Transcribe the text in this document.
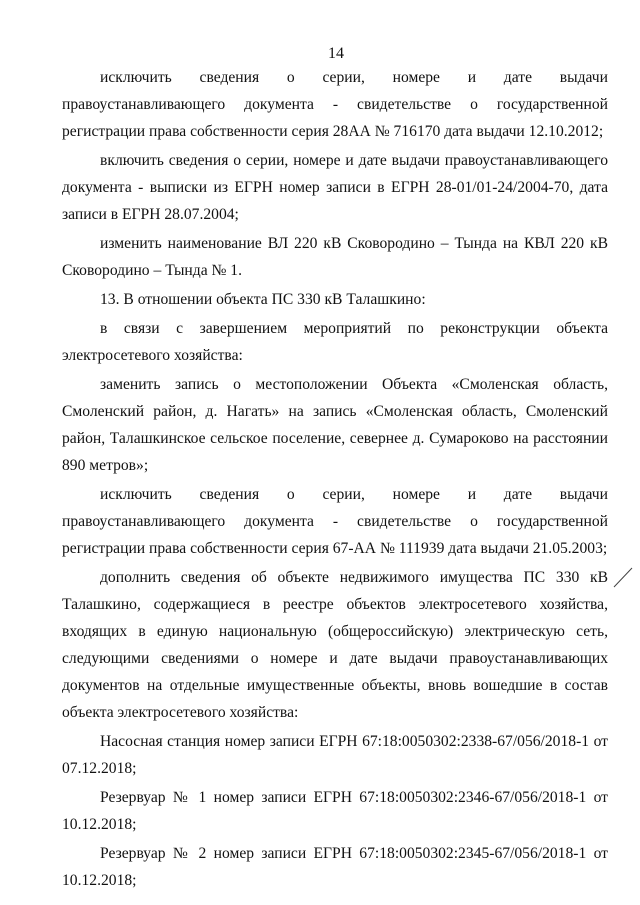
14

исключить сведения о серии, номере и дате выдачи правоустанавливающего документа - свидетельстве о государственной регистрации права собственности серия 28АА № 716170 дата выдачи 12.10.2012;

включить сведения о серии, номере и дате выдачи правоустанавливающего документа - выписки из ЕГРН номер записи в ЕГРН 28-01/01-24/2004-70, дата записи в ЕГРН 28.07.2004;

изменить наименование ВЛ 220 кВ Сковородино – Тында на КВЛ 220 кВ Сковородино – Тында № 1.

13. В отношении объекта ПС 330 кВ Талашкино:

в связи с завершением мероприятий по реконструкции объекта электросетевого хозяйства:

заменить запись о местоположении Объекта «Смоленская область, Смоленский район, д. Нагать» на запись «Смоленская область, Смоленский район, Талашкинское сельское поселение, севернее д. Сумароково на расстоянии 890 метров»;

исключить сведения о серии, номере и дате выдачи правоустанавливающего документа - свидетельстве о государственной регистрации права собственности серия 67-АА № 111939 дата выдачи 21.05.2003;

дополнить сведения об объекте недвижимого имущества ПС 330 кВ Талашкино, содержащиеся в реестре объектов электросетевого хозяйства, входящих в единую национальную (общероссийскую) электрическую сеть, следующими сведениями о номере и дате выдачи правоустанавливающих документов на отдельные имущественные объекты, вновь вошедшие в состав объекта электросетевого хозяйства:

Насосная станция номер записи ЕГРН 67:18:0050302:2338-67/056/2018-1 от 07.12.2018;

Резервуар № 1 номер записи ЕГРН 67:18:0050302:2346-67/056/2018-1 от 10.12.2018;

Резервуар № 2 номер записи ЕГРН 67:18:0050302:2345-67/056/2018-1 от 10.12.2018;
